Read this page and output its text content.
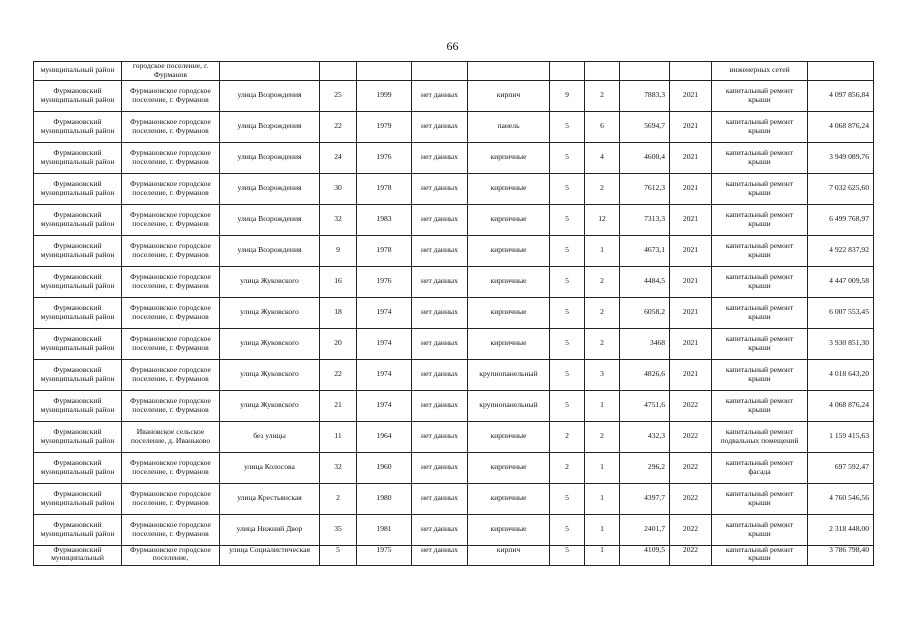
66
муниципальный район	городское поселение, г. Фурманов										инженерных сетей	
Фурмановский муниципальный район	Фурмановское городское поселение, г. Фурманов	улица Возрождения	25	1999	нет данных	кирпич	9	2	7883,3	2021	капитальный ремонт крыши	4 097 856,84
Фурмановский муниципальный район	Фурмановское городское поселение, г. Фурманов	улица Возрождения	22	1979	нет данных	панель	5	6	5694,7	2021	капитальный ремонт крыши	4 068 876,24
Фурмановский муниципальный район	Фурмановское городское поселение, г. Фурманов	улица Возрождения	24	1976	нет данных	кирпичные	5	4	4600,4	2021	капитальный ремонт крыши	3 949 089,76
Фурмановский муниципальный район	Фурмановское городское поселение, г. Фурманов	улица Возрождения	30	1978	нет данных	кирпичные	5	2	7612,3	2021	капитальный ремонт крыши	7 032 625,60
Фурмановский муниципальный район	Фурмановское городское поселение, г. Фурманов	улица Возрождения	32	1983	нет данных	кирпичные	5	12	7313,3	2021	капитальный ремонт крыши	6 499 768,97
Фурмановский муниципальный район	Фурмановское городское поселение, г. Фурманов	улица Возрождения	9	1978	нет данных	кирпичные	5	1	4673,1	2021	капитальный ремонт крыши	4 922 837,92
Фурмановский муниципальный район	Фурмановское городское поселение, г. Фурманов	улица Жуковского	16	1976	нет данных	кирпичные	5	2	4484,5	2021	капитальный ремонт крыши	4 447 009,58
Фурмановский муниципальный район	Фурмановское городское поселение, г. Фурманов	улица Жуковского	18	1974	нет данных	кирпичные	5	2	6058,2	2021	капитальный ремонт крыши	6 007 553,45
Фурмановский муниципальный район	Фурмановское городское поселение, г. Фурманов	улица Жуковского	20	1974	нет данных	кирпичные	5	2	3468	2021	капитальный ремонт крыши	3 930 851,30
Фурмановский муниципальный район	Фурмановское городское поселение, г. Фурманов	улица Жуковского	22	1974	нет данных	крупнопанельный	5	3	4826,6	2021	капитальный ремонт крыши	4 018 643,20
Фурмановский муниципальный район	Фурмановское городское поселение, г. Фурманов	улица Жуковского	21	1974	нет данных	крупнопанельный	5	1	4751,6	2022	капитальный ремонт крыши	4 068 876,24
Фурмановский муниципальный район	Ивановское сельское поселение, д. Иваньково	без улицы	11	1964	нет данных	кирпичные	2	2	432,3	2022	капитальный ремонт подвальных помещений	1 159 415,63
Фурмановский муниципальный район	Фурмановское городское поселение, г. Фурманов	улица Колосова	32	1960	нет данных	кирпичные	2	1	296,2	2022	капитальный ремонт фасада	697 592,47
Фурмановский муниципальный район	Фурмановское городское поселение, г. Фурманов	улица Крестьянская	2	1980	нет данных	кирпичные	5	1	4397,7	2022	капитальный ремонт крыши	4 760 546,56
Фурмановский муниципальный район	Фурмановское городское поселение, г. Фурманов	улица Нижний Двор	35	1981	нет данных	кирпичные	5	1	2401,7	2022	капитальный ремонт крыши	2 318 448,00
Фурмановский муниципальный	Фурмановское городское поселение,	улица Социалистическая	5	1975	нет данных	кирпич	5	1	4109,5	2022	капитальный ремонт крыши	3 786 798,40
